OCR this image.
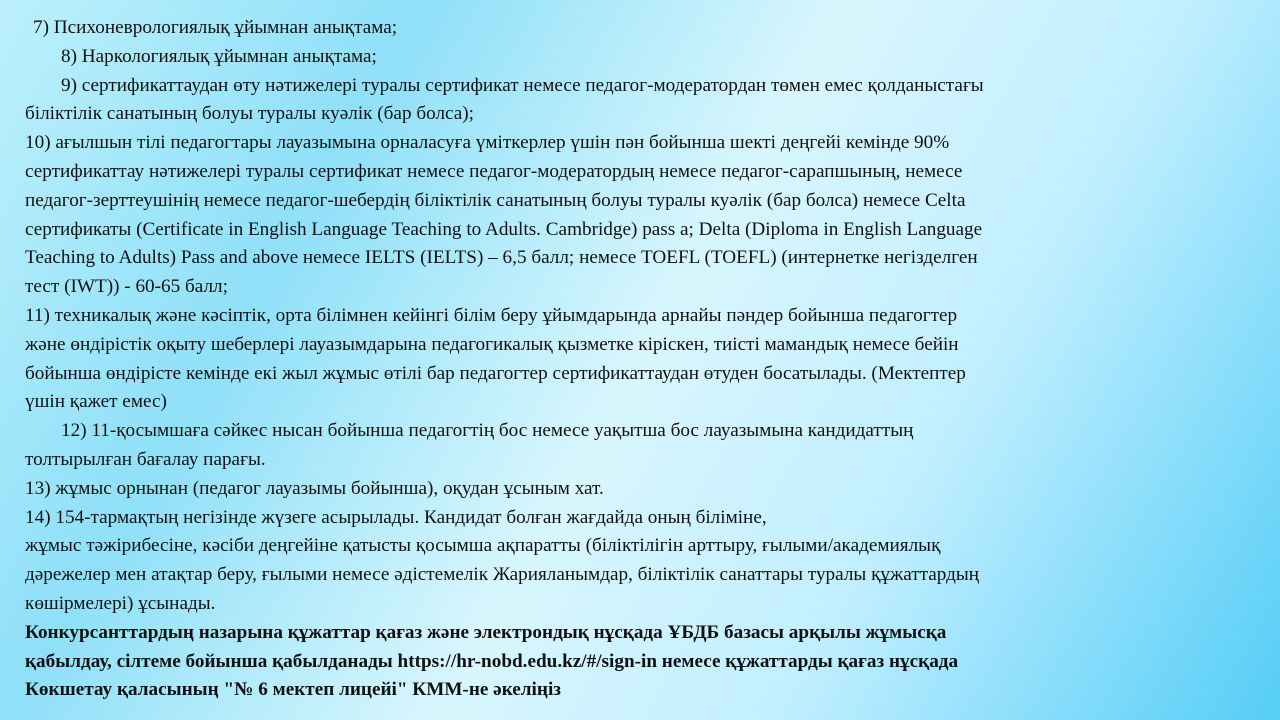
7) Психоневрологиялық ұйымнан анықтама;
8) Наркологиялық ұйымнан анықтама;
9) сертификаттаудан өту нәтижелері туралы сертификат немесе педагог-модератордан төмен емес қолданыстағы
біліктілік санатының болуы туралы куәлік (бар болса);
10) ағылшын тілі педагогтары лауазымына орналасуға үміткерлер үшін пән бойынша шекті деңгейі кемінде 90%
сертификаттау нәтижелері туралы сертификат немесе педагог-модератордың немесе педагог-сарапшының, немесе
педагог-зерттеушінің немесе педагог-шебердің біліктілік санатының болуы туралы куәлік (бар болса) немесе Celta
сертификаты (Certificate in English Language Teaching to Adults. Cambridge) pass a; Delta (Diploma in English Language
Teaching to Adults) Pass and above немесе IELTS (IELTS) – 6,5 балл; немесе TOEFL (TOEFL) (интернетке негізделген
тест (IWT)) - 60-65 балл;
11) техникалық және кәсіптік, орта білімнен кейінгі білім беру ұйымдарында арнайы пәндер бойынша педагогтер
және өндірістік оқыту шеберлері лауазымдарына педагогикалық қызметке кіріскен, тиісті мамандық немесе бейін
бойынша өндірісте кемінде екі жыл жұмыс өтілі бар педагогтер сертификаттаудан өтуден босатылады. (Мектептер
үшін қажет емес)
12) 11-қосымшаға сәйкес нысан бойынша педагогтің бос немесе уақытша бос лауазымына кандидаттың
толтырылған бағалау парағы.
13) жұмыс орнынан (педагог лауазымы бойынша), оқудан ұсыным хат.
14) 154-тармақтың негізінде жүзеге асырылады. Кандидат болған жағдайда оның біліміне,
жұмыс тәжірибесіне, кәсіби деңгейіне қатысты қосымша ақпаратты (біліктілігін арттыру, ғылыми/академиялық
дәрежелер мен атақтар беру, ғылыми немесе әдістемелік Жарияланымдар, біліктілік санаттары туралы құжаттардың
көшірмелері) ұсынады.
Конкурсанттардың назарына құжаттар қағаз және электрондық нұсқада ҰБДБ базасы арқылы жұмысқа
қабылдау, сілтеме бойынша қабылданады https://hr-nobd.edu.kz/#/sign-in немесе құжаттарды қағаз нұсқада
Көкшетау қаласының "№ 6 мектеп лицейі" КММ-не әкеліңіз
